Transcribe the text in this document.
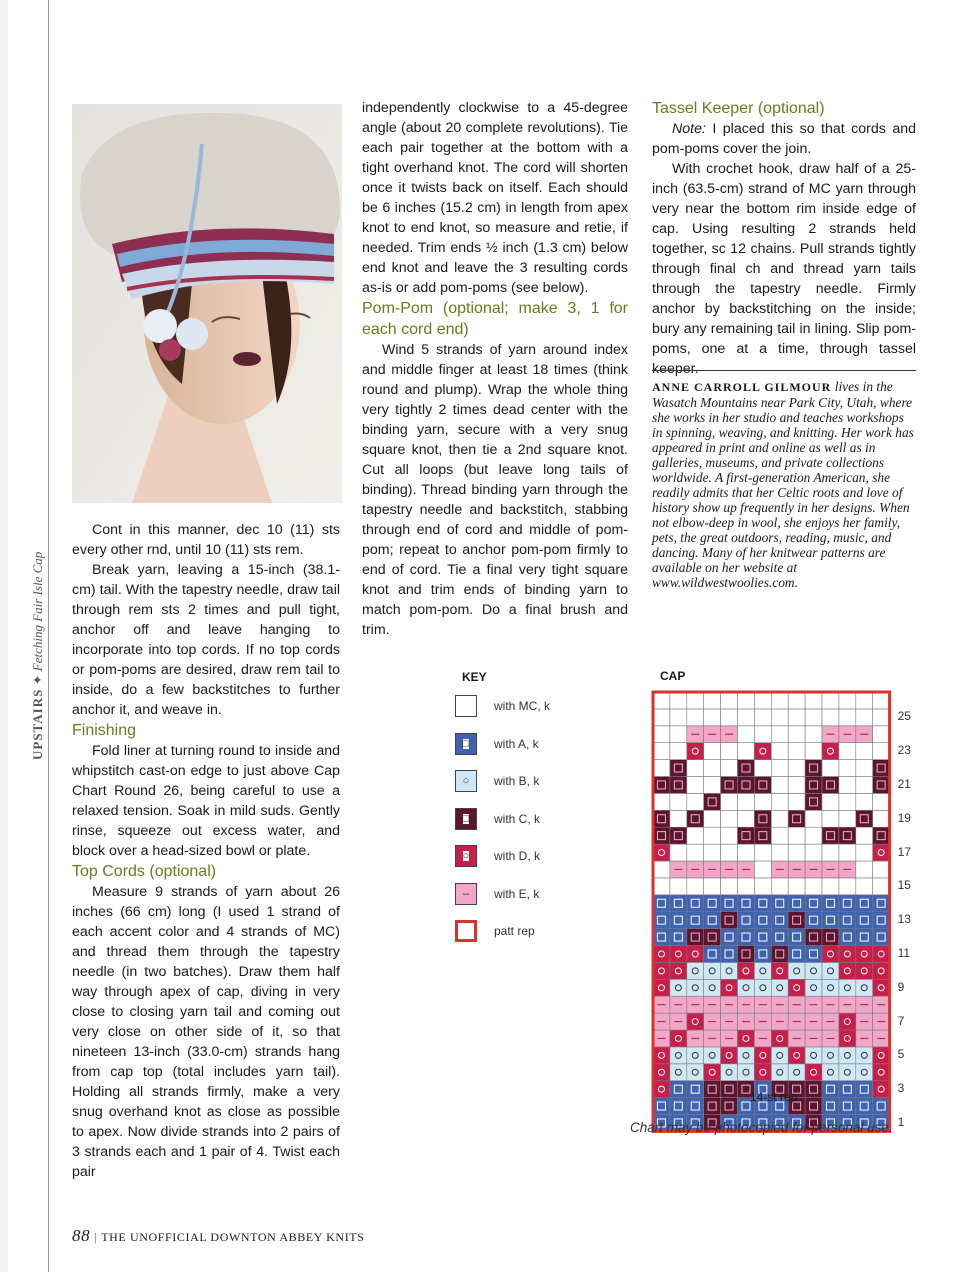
UPSTAIRS ✦ Fetching Fair Isle Cap

Cont in this manner, dec 10 (11) sts every other rnd, until 10 (11) sts rem.

Break yarn, leaving a 15-inch (38.1-cm) tail. With the tapestry needle, draw tail through rem sts 2 times and pull tight, anchor off and leave hanging to incorporate into top cords. If no top cords or pom-poms are desired, draw rem tail to inside, do a few backstitches to further anchor it, and weave in.

Finishing

Fold liner at turning round to inside and whipstitch cast-on edge to just above Cap Chart Round 26, being careful to use a relaxed tension. Soak in mild suds. Gently rinse, squeeze out excess water, and block over a head-sized bowl or plate.

Top Cords (optional)

Measure 9 strands of yarn about 26 inches (66 cm) long (I used 1 strand of each accent color and 4 strands of MC) and thread them through the tapestry needle (in two batches). Draw them half way through apex of cap, diving in very close to closing yarn tail and coming out very close on other side of it, so that nineteen 13-inch (33.0-cm) strands hang from cap top (total includes yarn tail). Holding all strands firmly, make a very snug overhand knot as close as possible to apex. Now divide strands into 2 pairs of 3 strands each and 1 pair of 4. Twist each pair

independently clockwise to a 45-degree angle (about 20 complete revolutions). Tie each pair together at the bottom with a tight overhand knot. The cord will shorten once it twists back on itself. Each should be 6 inches (15.2 cm) in length from apex knot to end knot, so measure and retie, if needed. Trim ends ½ inch (1.3 cm) below end knot and leave the 3 resulting cords as-is or add pom-poms (see below).

Pom-Pom (optional; make 3, 1 for each cord end)

Wind 5 strands of yarn around index and middle finger at least 18 times (think round and plump). Wrap the whole thing very tightly 2 times dead center with the binding yarn, secure with a very snug square knot, then tie a 2nd square knot. Cut all loops (but leave long tails of binding). Thread binding yarn through the tapestry needle and backstitch, stabbing through end of cord and middle of pom-pom; repeat to anchor pom-pom firmly to end of cord. Tie a final very tight square knot and trim ends of binding yarn to match pom-pom. Do a final brush and trim.

Tassel Keeper (optional)

Note: I placed this so that cords and pom-poms cover the join.

With crochet hook, draw half of a 25-inch (63.5-cm) strand of MC yarn through very near the bottom rim inside edge of cap. Using resulting 2 strands held together, sc 12 chains. Pull strands tightly through final ch and thread yarn tails through the tapestry needle. Firmly anchor by backstitching on the inside; bury any remaining tail in lining. Slip pom-poms, one at a time, through tassel keeper.

ANNE CARROLL GILMOUR lives in the Wasatch Mountains near Park City, Utah, where she works in her studio and teaches workshops in spinning, weaving, and knitting. Her work has appeared in print and online as well as in galleries, museums, and private collections worldwide. A first-generation American, she readily admits that her Celtic roots and love of history show up frequently in her designs. When not elbow-deep in wool, she enjoys her family, pets, the great outdoors, reading, music, and dancing. Many of her knitwear patterns are available on her website at www.wildwestwoolies.com.
KEY
with MC, k
□ with A, k
○ with B, k
□ with C, k
○ with D, k
– with E, k
patt rep
CAP
14-st rep
Chart may be photocopied for personal use.
88 | THE UNOFFICIAL DOWNTON ABBEY KNITS
1
3
5
7
9
11
13
15
17
19
21
23
25
